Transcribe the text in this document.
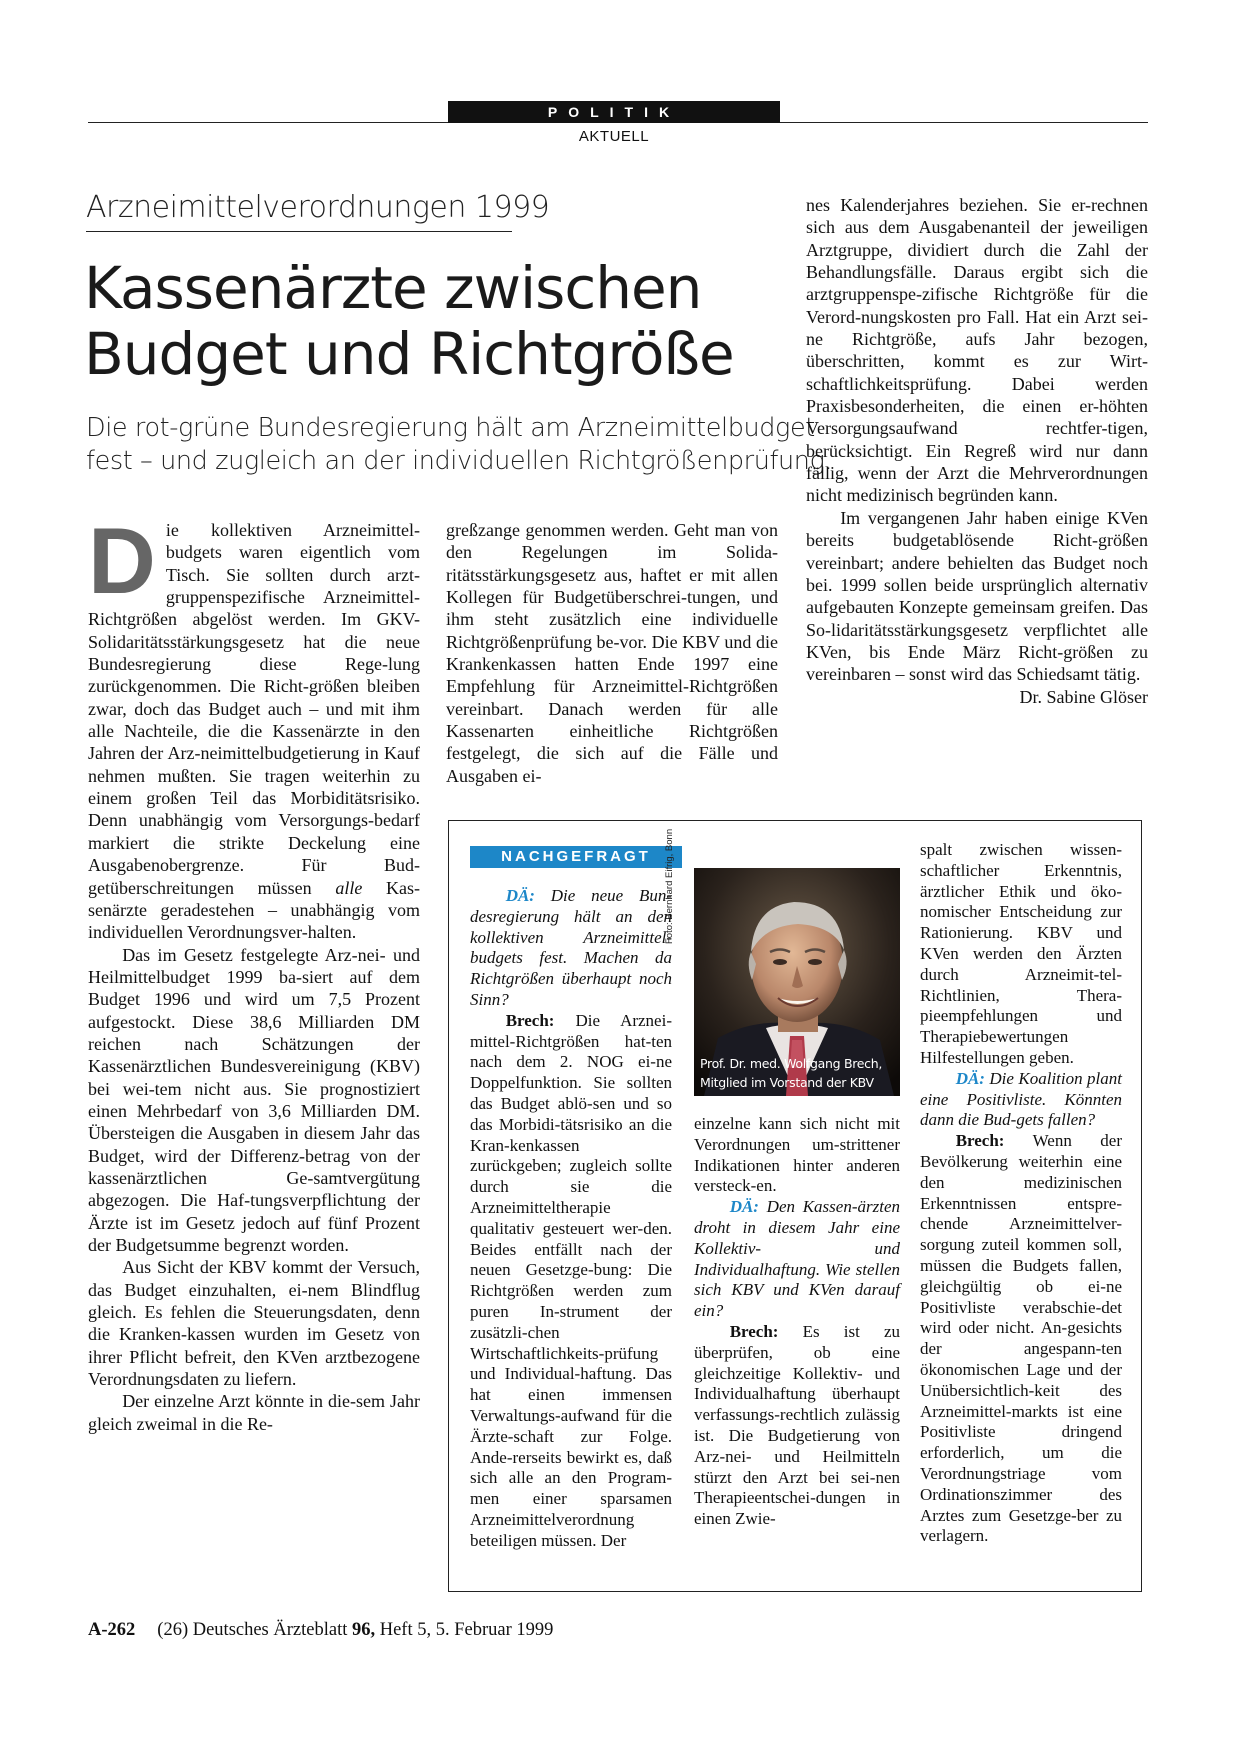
POLITIK
AKTUELL
Arzneimittelverordnungen 1999
Kassenärzte zwischen
Budget und Richtgröße
Die rot-grüne Bundesregierung hält am Arzneimittelbudget
fest – und zugleich an der individuellen Richtgrößenprüfung.

Die kollektiven Arzneimittel-budgets waren eigentlich vom Tisch. Sie sollten durch arzt-gruppenspezifische Arzneimittel-Richtgrößen abgelöst werden. Im GKV-Solidaritätsstärkungsgesetz hat die neue Bundesregierung diese Rege-lung zurückgenommen. Die Richt-größen bleiben zwar, doch das Budget auch – und mit ihm alle Nachteile, die die Kassenärzte in den Jahren der Arz-neimittelbudgetierung in Kauf nehmen mußten. Sie tragen weiterhin zu einem großen Teil das Morbiditätsrisiko. Denn unabhängig vom Versorgungs-bedarf markiert die strikte Deckelung eine Ausgabenobergrenze. Für Bud-getüberschreitungen müssen alle Kas-senärzte geradestehen – unabhängig vom individuellen Verordnungsver-halten.

Das im Gesetz festgelegte Arz-nei- und Heilmittelbudget 1999 ba-siert auf dem Budget 1996 und wird um 7,5 Prozent aufgestockt. Diese 38,6 Milliarden DM reichen nach Schätzungen der Kassenärztlichen Bundesvereinigung (KBV) bei wei-tem nicht aus. Sie prognostiziert einen Mehrbedarf von 3,6 Milliarden DM. Übersteigen die Ausgaben in diesem Jahr das Budget, wird der Differenz-betrag von der kassenärztlichen Ge-samtvergütung abgezogen. Die Haf-tungsverpflichtung der Ärzte ist im Gesetz jedoch auf fünf Prozent der Budgetsumme begrenzt worden.

Aus Sicht der KBV kommt der Versuch, das Budget einzuhalten, ei-nem Blindflug gleich. Es fehlen die Steuerungsdaten, denn die Kranken-kassen wurden im Gesetz von ihrer Pflicht befreit, den KVen arztbezogene Verordnungsdaten zu liefern.

Der einzelne Arzt könnte in die-sem Jahr gleich zweimal in die Re-

greßzange genommen werden. Geht man von den Regelungen im Solida-ritätsstärkungsgesetz aus, haftet er mit allen Kollegen für Budgetüberschrei-tungen, und ihm steht zusätzlich eine individuelle Richtgrößenprüfung be-vor. Die KBV und die Krankenkassen hatten Ende 1997 eine Empfehlung für Arzneimittel-Richtgrößen vereinbart. Danach werden für alle Kassenarten einheitliche Richtgrößen festgelegt, die sich auf die Fälle und Ausgaben ei-

nes Kalenderjahres beziehen. Sie er-rechnen sich aus dem Ausgabenanteil der jeweiligen Arztgruppe, dividiert durch die Zahl der Behandlungsfälle. Daraus ergibt sich die arztgruppenspe-zifische Richtgröße für die Verord-nungskosten pro Fall. Hat ein Arzt sei-ne Richtgröße, aufs Jahr bezogen, überschritten, kommt es zur Wirt-schaftlichkeitsprüfung. Dabei werden Praxisbesonderheiten, die einen er-höhten Versorgungsaufwand rechtfer-tigen, berücksichtigt. Ein Regreß wird nur dann fällig, wenn der Arzt die Mehrverordnungen nicht medizinisch begründen kann.

Im vergangenen Jahr haben einige KVen bereits budgetablösende Richt-größen vereinbart; andere behielten das Budget noch bei. 1999 sollen beide ursprünglich alternativ aufgebauten Konzepte gemeinsam greifen. Das So-lidaritätsstärkungsgesetz verpflichtet alle KVen, bis Ende März Richt-größen zu vereinbaren – sonst wird das Schiedsamt tätig.
Dr. Sabine Glöser

NACHGEFRAGT	Foto: Bernhard Eifrig, Bonn
Prof. Dr. med. Wolfgang Brech,
Mitglied im Vorstand der KBV

DÄ: Die neue Bun-desregierung hält an den kollektiven Arzneimittel-budgets fest. Machen da Richtgrößen überhaupt noch Sinn?

Brech: Die Arznei-mittel-Richtgrößen hat-ten nach dem 2. NOG ei-ne Doppelfunktion. Sie sollten das Budget ablö-sen und so das Morbidi-tätsrisiko an die Kran-kenkassen zurückgeben; zugleich sollte durch sie die Arzneimitteltherapie qualitativ gesteuert wer-den. Beides entfällt nach der neuen Gesetzge-bung: Die Richtgrößen werden zum puren In-strument der zusätzli-chen Wirtschaftlichkeits-prüfung und Individual-haftung. Das hat einen immensen Verwaltungs-aufwand für die Ärzte-schaft zur Folge. Ande-rerseits bewirkt es, daß sich alle an den Program-men einer sparsamen Arzneimittelverordnung beteiligen müssen. Der

einzelne kann sich nicht mit Verordnungen um-strittener Indikationen hinter anderen versteck-en.

DÄ: Den Kassen-ärzten droht in diesem Jahr eine Kollektiv- und Individualhaftung. Wie stellen sich KBV und KVen darauf ein?

Brech: Es ist zu überprüfen, ob eine gleichzeitige Kollektiv- und Individualhaftung überhaupt verfassungs-rechtlich zulässig ist. Die Budgetierung von Arz-nei- und Heilmitteln stürzt den Arzt bei sei-nen Therapieentschei-dungen in einen Zwie-

spalt zwischen wissen-schaftlicher Erkenntnis, ärztlicher Ethik und öko-nomischer Entscheidung zur Rationierung. KBV und KVen werden den Ärzten durch Arzneimit-tel-Richtlinien, Thera-pieempfehlungen und Therapiebewertungen Hilfestellungen geben.

DÄ: Die Koalition plant eine Positivliste. Könnten dann die Bud-gets fallen?

Brech: Wenn der Bevölkerung weiterhin eine den medizinischen Erkenntnissen entspre-chende Arzneimittelver-sorgung zuteil kommen soll, müssen die Budgets fallen, gleichgültig ob ei-ne Positivliste verabschie-det wird oder nicht. An-gesichts der angespann-ten ökonomischen Lage und der Unübersichtlich-keit des Arzneimittel-markts ist eine Positivliste dringend erforderlich, um die Verordnungstriage vom Ordinationszimmer des Arztes zum Gesetzge-ber zu verlagern.

A-262 (26) Deutsches Ärzteblatt 96, Heft 5, 5. Februar 1999
